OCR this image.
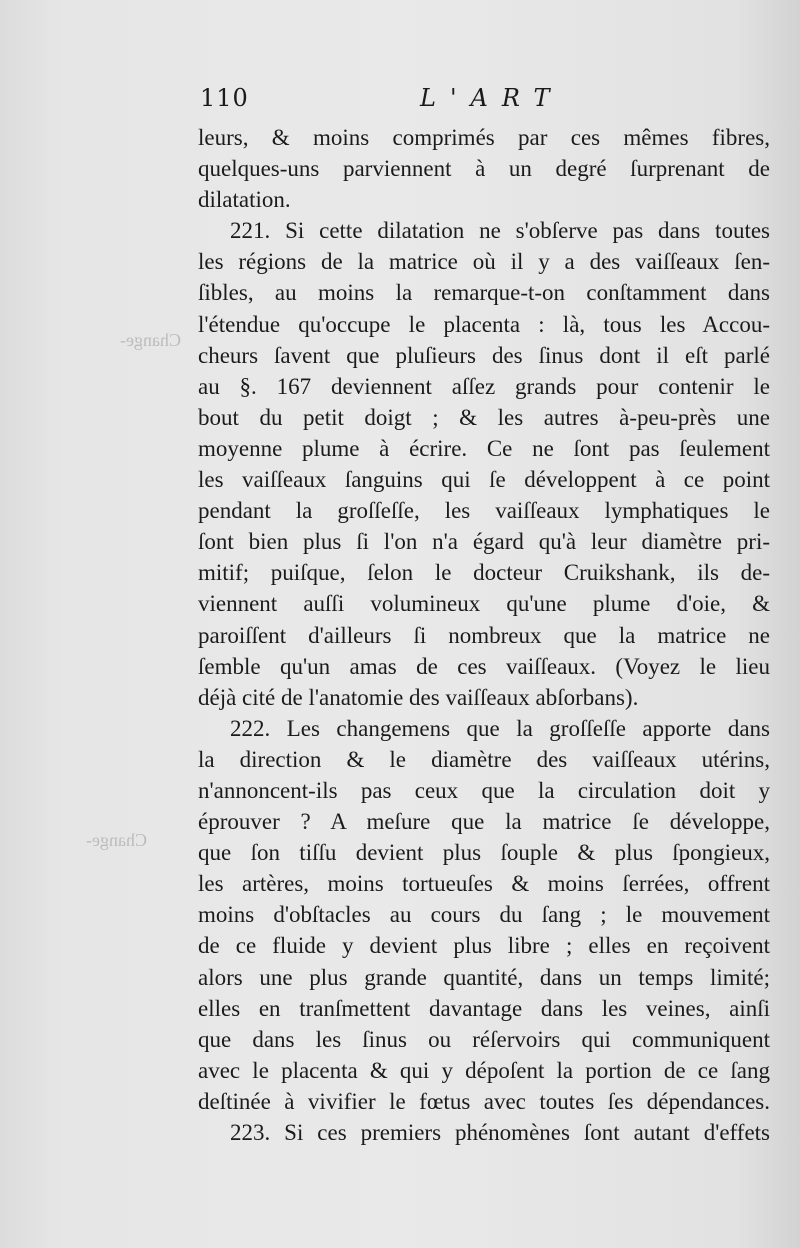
Change-
Change-
110	L'ART
leurs, & moins comprimés par ces mêmes fibres,
quelques-uns parviennent à un degré ſurprenant de
dilatation.
221. Si cette dilatation ne s'obſerve pas dans toutes
les régions de la matrice où il y a des vaiſſeaux ſen-
ſibles, au moins la remarque-t-on conſtamment dans
l'étendue qu'occupe le placenta : là, tous les Accou-
cheurs ſavent que pluſieurs des ſinus dont il eſt parlé
au §. 167 deviennent aſſez grands pour contenir le
bout du petit doigt ; & les autres à-peu-près une
moyenne plume à écrire. Ce ne ſont pas ſeulement
les vaiſſeaux ſanguins qui ſe développent à ce point
pendant la groſſeſſe, les vaiſſeaux lymphatiques le
ſont bien plus ſi l'on n'a égard qu'à leur diamètre pri-
mitif; puiſque, ſelon le docteur Cruikshank, ils de-
viennent auſſi volumineux qu'une plume d'oie, &
paroiſſent d'ailleurs ſi nombreux que la matrice ne
ſemble qu'un amas de ces vaiſſeaux. (Voyez le lieu
déjà cité de l'anatomie des vaiſſeaux abſorbans).
222. Les changemens que la groſſeſſe apporte dans
la direction & le diamètre des vaiſſeaux utérins,
n'annoncent-ils pas ceux que la circulation doit y
éprouver ? A meſure que la matrice ſe développe,
que ſon tiſſu devient plus ſouple & plus ſpongieux,
les artères, moins tortueuſes & moins ſerrées, offrent
moins d'obſtacles au cours du ſang ; le mouvement
de ce fluide y devient plus libre ; elles en reçoivent
alors une plus grande quantité, dans un temps limité;
elles en tranſmettent davantage dans les veines, ainſi
que dans les ſinus ou réſervoirs qui communiquent
avec le placenta & qui y dépoſent la portion de ce ſang
deſtinée à vivifier le fœtus avec toutes ſes dépendances.
223. Si ces premiers phénomènes ſont autant d'effets
